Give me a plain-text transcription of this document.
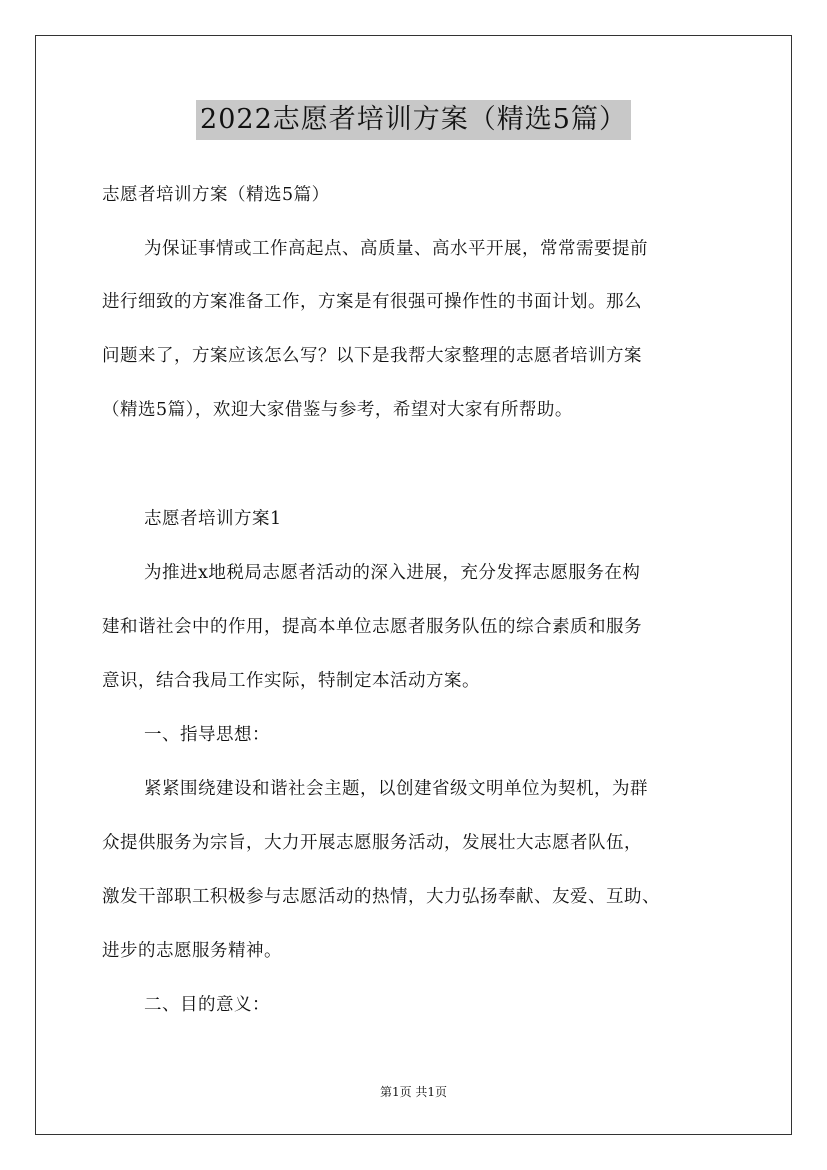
2022志愿者培训方案（精选5篇）
志愿者培训方案（精选5篇）
为保证事情或工作高起点、高质量、高水平开展，常常需要提前
进行细致的方案准备工作，方案是有很强可操作性的书面计划。那么
问题来了，方案应该怎么写？以下是我帮大家整理的志愿者培训方案
（精选5篇），欢迎大家借鉴与参考，希望对大家有所帮助。
志愿者培训方案1
为推进x地税局志愿者活动的深入进展，充分发挥志愿服务在构
建和谐社会中的作用，提高本单位志愿者服务队伍的综合素质和服务
意识，结合我局工作实际，特制定本活动方案。
一、指导思想：
紧紧围绕建设和谐社会主题，以创建省级文明单位为契机，为群
众提供服务为宗旨，大力开展志愿服务活动，发展壮大志愿者队伍，
激发干部职工积极参与志愿活动的热情，大力弘扬奉献、友爱、互助、
进步的志愿服务精神。
二、目的意义：
第1页 共1页
